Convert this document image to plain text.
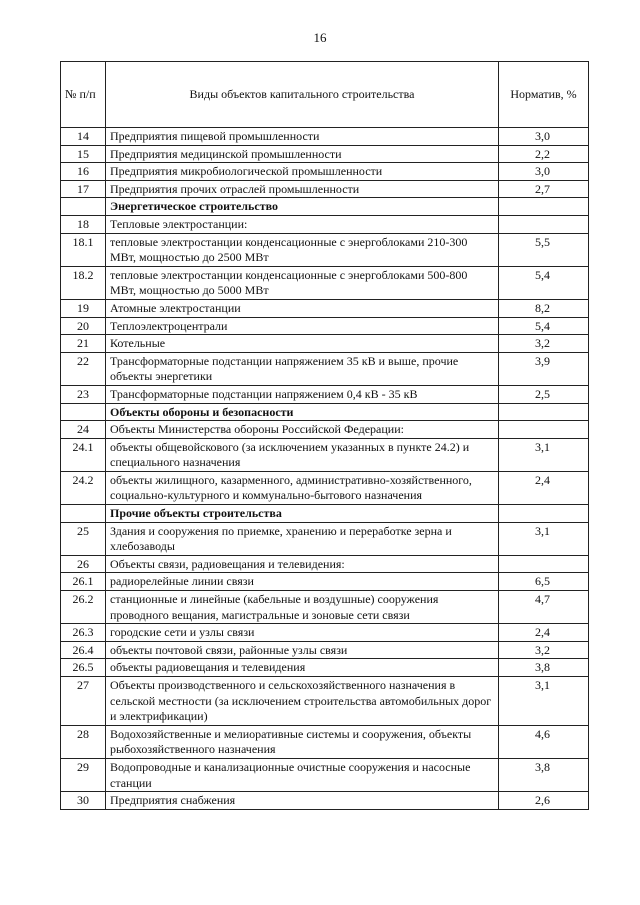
16
№ п/п	Виды объектов капитального строительства	Норматив, %
14	Предприятия пищевой промышленности	3,0
15	Предприятия медицинской промышленности	2,2
16	Предприятия микробиологической промышленности	3,0
17	Предприятия прочих отраслей промышленности	2,7
	Энергетическое строительство	
18	Тепловые электростанции:	
18.1	тепловые электростанции конденсационные с энергоблоками 210-300 МВт, мощностью до 2500 МВт	5,5
18.2	тепловые электростанции конденсационные с энергоблоками 500-800 МВт, мощностью до 5000 МВт	5,4
19	Атомные электростанции	8,2
20	Теплоэлектроцентрали	5,4
21	Котельные	3,2
22	Трансформаторные подстанции напряжением 35 кВ и выше, прочие объекты энергетики	3,9
23	Трансформаторные подстанции напряжением 0,4 кВ - 35 кВ	2,5
	Объекты обороны и безопасности	
24	Объекты Министерства обороны Российской Федерации:	
24.1	объекты общевойскового (за исключением указанных в пункте 24.2) и специального назначения	3,1
24.2	объекты жилищного, казарменного, административно-хозяйственного, социально-культурного и коммунально-бытового назначения	2,4
	Прочие объекты строительства	
25	Здания и сооружения по приемке, хранению и переработке зерна и хлебозаводы	3,1
26	Объекты связи, радиовещания и телевидения:	
26.1	радиорелейные линии связи	6,5
26.2	станционные и линейные (кабельные и воздушные) сооружения проводного вещания, магистральные и зоновые сети связи	4,7
26.3	городские сети и узлы связи	2,4
26.4	объекты почтовой связи, районные узлы связи	3,2
26.5	объекты радиовещания и телевидения	3,8
27	Объекты производственного и сельскохозяйственного назначения в сельской местности (за исключением строительства автомобильных дорог и электрификации)	3,1
28	Водохозяйственные и мелиоративные системы и сооружения, объекты рыбохозяйственного назначения	4,6
29	Водопроводные и канализационные очистные сооружения и насосные станции	3,8
30	Предприятия снабжения	2,6
